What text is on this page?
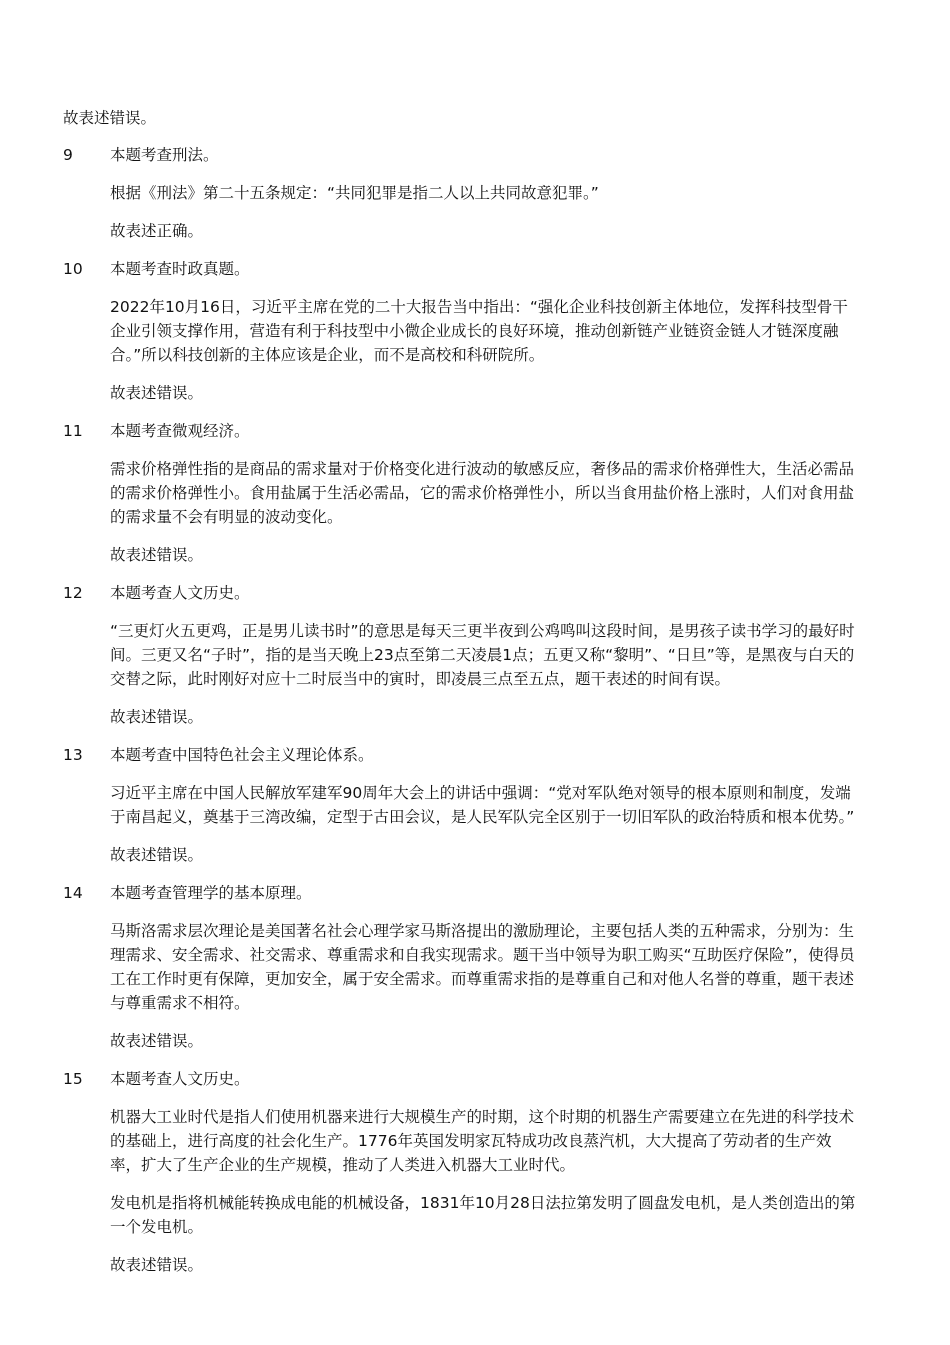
故表述错误。

9	本题考查刑法。

根据《刑法》第二十五条规定：“共同犯罪是指二人以上共同故意犯罪。”

故表述正确。

10	本题考查时政真题。

2022年10月16日，习近平主席在党的二十大报告当中指出：“强化企业科技创新主体地位，发挥科技型骨干企业引领支撑作用，营造有利于科技型中小微企业成长的良好环境，推动创新链产业链资金链人才链深度融合。”所以科技创新的主体应该是企业，而不是高校和科研院所。

故表述错误。

11	本题考查微观经济。

需求价格弹性指的是商品的需求量对于价格变化进行波动的敏感反应，奢侈品的需求价格弹性大，生活必需品的需求价格弹性小。食用盐属于生活必需品，它的需求价格弹性小，所以当食用盐价格上涨时，人们对食用盐的需求量不会有明显的波动变化。

故表述错误。

12	本题考查人文历史。

“三更灯火五更鸡，正是男儿读书时”的意思是每天三更半夜到公鸡鸣叫这段时间，是男孩子读书学习的最好时间。三更又名“子时”，指的是当天晚上23点至第二天凌晨1点；五更又称“黎明”、“日旦”等，是黑夜与白天的交替之际，此时刚好对应十二时辰当中的寅时，即凌晨三点至五点，题干表述的时间有误。

故表述错误。

13	本题考查中国特色社会主义理论体系。

习近平主席在中国人民解放军建军90周年大会上的讲话中强调：“党对军队绝对领导的根本原则和制度，发端于南昌起义，奠基于三湾改编，定型于古田会议，是人民军队完全区别于一切旧军队的政治特质和根本优势。”

故表述错误。

14	本题考查管理学的基本原理。

马斯洛需求层次理论是美国著名社会心理学家马斯洛提出的激励理论，主要包括人类的五种需求，分别为：生理需求、安全需求、社交需求、尊重需求和自我实现需求。题干当中领导为职工购买“互助医疗保险”，使得员工在工作时更有保障，更加安全，属于安全需求。而尊重需求指的是尊重自己和对他人名誉的尊重，题干表述与尊重需求不相符。

故表述错误。

15	本题考查人文历史。

机器大工业时代是指人们使用机器来进行大规模生产的时期，这个时期的机器生产需要建立在先进的科学技术的基础上，进行高度的社会化生产。1776年英国发明家瓦特成功改良蒸汽机，大大提高了劳动者的生产效率，扩大了生产企业的生产规模，推动了人类进入机器大工业时代。

发电机是指将机械能转换成电能的机械设备，1831年10月28日法拉第发明了圆盘发电机，是人类创造出的第一个发电机。

故表述错误。
